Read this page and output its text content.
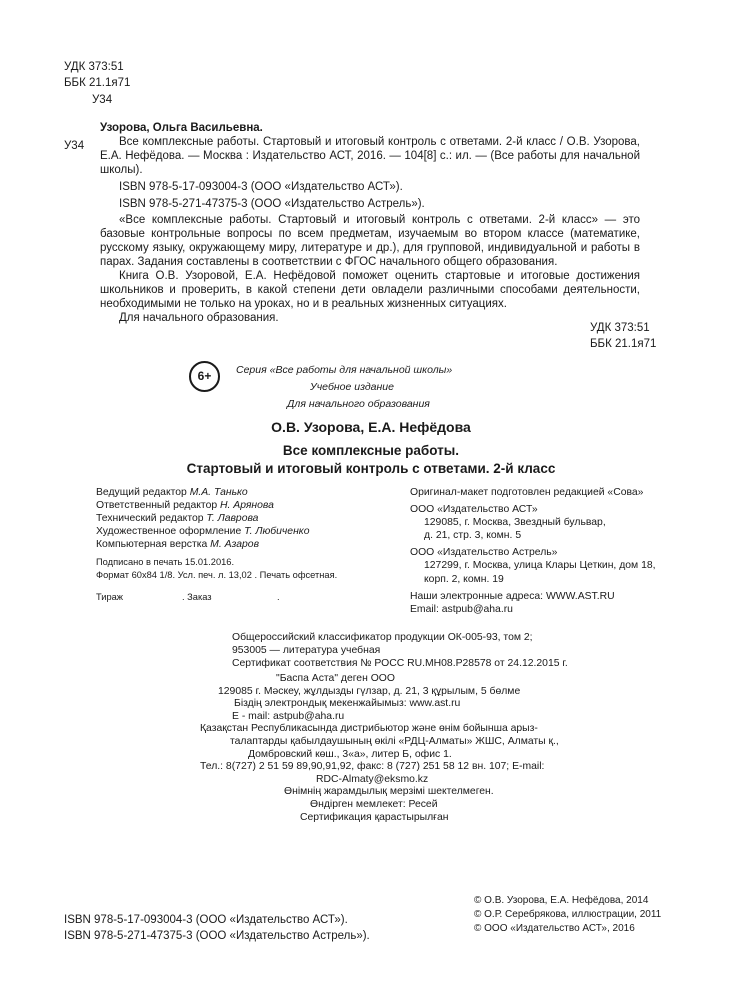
УДК 373:51
ББК 21.1я71
У34
У34

Узорова, Ольга Васильевна.

Все комплексные работы. Стартовый и итоговый контроль с ответами. 2-й класс / О.В. Узорова, Е.А. Нефёдова. — Москва : Издательство АСТ, 2016. — 104[8] с.: ил. — (Все работы для начальной школы).

ISBN 978-5-17-093004-3 (ООО «Издательство АСТ»).

ISBN 978-5-271-47375-3 (ООО «Издательство Астрель»).

«Все комплексные работы. Стартовый и итоговый контроль с ответами. 2-й класс» — это базовые контрольные вопросы по всем предметам, изучаемым во втором классе (математике, русскому языку, окружающему миру, литературе и др.), для групповой, индивидуальной и работы в парах. Задания составлены в соответствии с ФГОС начального общего образования.

Книга О.В. Узоровой, Е.А. Нефёдовой поможет оценить стартовые и итоговые достижения школьников и проверить, в какой степени дети овладели различными способами деятельности, необходимыми не только на уроках, но и в реальных жизненных ситуациях.

Для начального образования.

УДК 373:51
ББК 21.1я71
6+	Серия «Все работы для начальной школы»
Учебное издание
Для начального образования
О.В. Узорова, Е.А. Нефёдова
Все комплексные работы.
Стартовый и итоговый контроль с ответами. 2-й класс
Ведущий редактор М.А. Танько
Ответственный редактор Н. Арянова
Технический редактор Т. Лаврова
Художественное оформление Т. Любиченко
Компьютерная верстка М. Азаров
Подписано в печать 15.01.2016.
Формат 60x84 1/8. Усл. печ. л. 13,02 . Печать офсетная.
Тираж	. Заказ	.
Оригинал-макет подготовлен редакцией «Сова»
ООО «Издательство АСТ»
129085, г. Москва, Звездный бульвар,
д. 21, стр. 3, комн. 5
ООО «Издательство Астрель»
127299, г. Москва, улица Клары Цеткин, дом 18,
корп. 2, комн. 19
Наши электронные адреса: WWW.AST.RU
Email: astpub@aha.ru
Общероссийский классификатор продукции ОК-005-93, том 2;
953005 — литература учебная
Сертификат соответствия № РОСС RU.МН08.Р28578 от 24.12.2015 г.
"Баспа Аста" деген ООО
129085 г. Мәскеу, жұлдызды гүлзар, д. 21, 3 құрылым, 5 бөлме
Біздің электрондық мекенжайымыз: www.ast.ru
E - mail: astpub@aha.ru
Қазақстан Республикасында дистрибьютор және өнім бойынша арыз-
талаптарды қабылдаушының өкілі «РДЦ-Алматы» ЖШС, Алматы қ.,
Домбровский көш., 3«а», литер Б, офис 1.
Тел.: 8(727) 2 51 59 89,90,91,92, факс: 8 (727) 251 58 12 вн. 107; E-mail:
RDC-Almaty@eksmo.kz
Өнімнің жарамдылық мерзімі шектелмеген.
Өндірген мемлекет: Ресей
Сертификация қарастырылған
ISBN 978-5-17-093004-3 (ООО «Издательство АСТ»).
ISBN 978-5-271-47375-3 (ООО «Издательство Астрель»).
© О.В. Узорова, Е.А. Нефёдова, 2014
© О.Р. Серебрякова, иллюстрации, 2011
© ООО «Издательство АСТ», 2016
